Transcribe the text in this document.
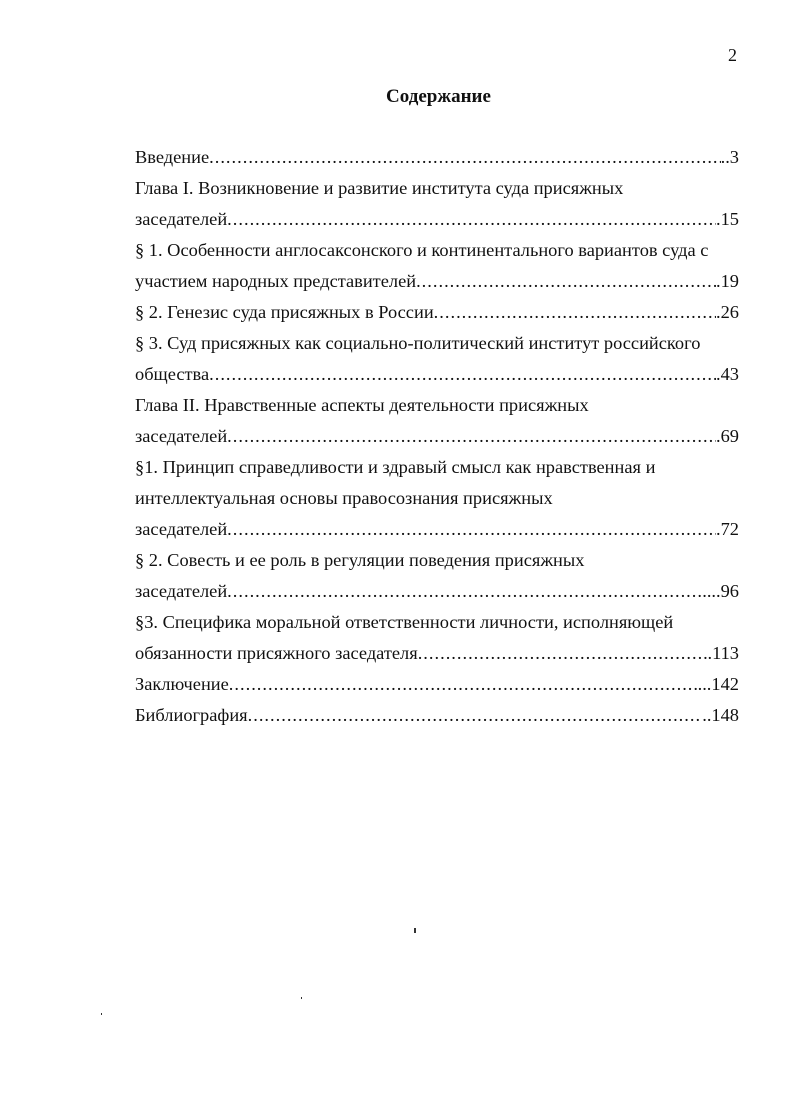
2
Содержание
Введение .....	..3
Глава I. Возникновение и развитие института суда присяжных
заседателей .....	.15
§ 1. Особенности англосаксонского и континентального вариантов суда с
участием народных представителей .....	.19
§ 2. Генезис суда присяжных в России .....	.26
§ 3. Суд присяжных как социально-политический институт российского
общества .....	.43
Глава II. Нравственные аспекты деятельности присяжных
заседателей .....	.69
§1. Принцип справедливости и здравый смысл как нравственная и
интеллектуальная основы правосознания присяжных
заседателей .....	.72
§ 2. Совесть и ее роль в регуляции поведения присяжных
заседателей .....	....96
§3. Специфика моральной ответственности личности, исполняющей
обязанности присяжного заседателя .....	.113
Заключение .....	...142
Библиография .....	..148
